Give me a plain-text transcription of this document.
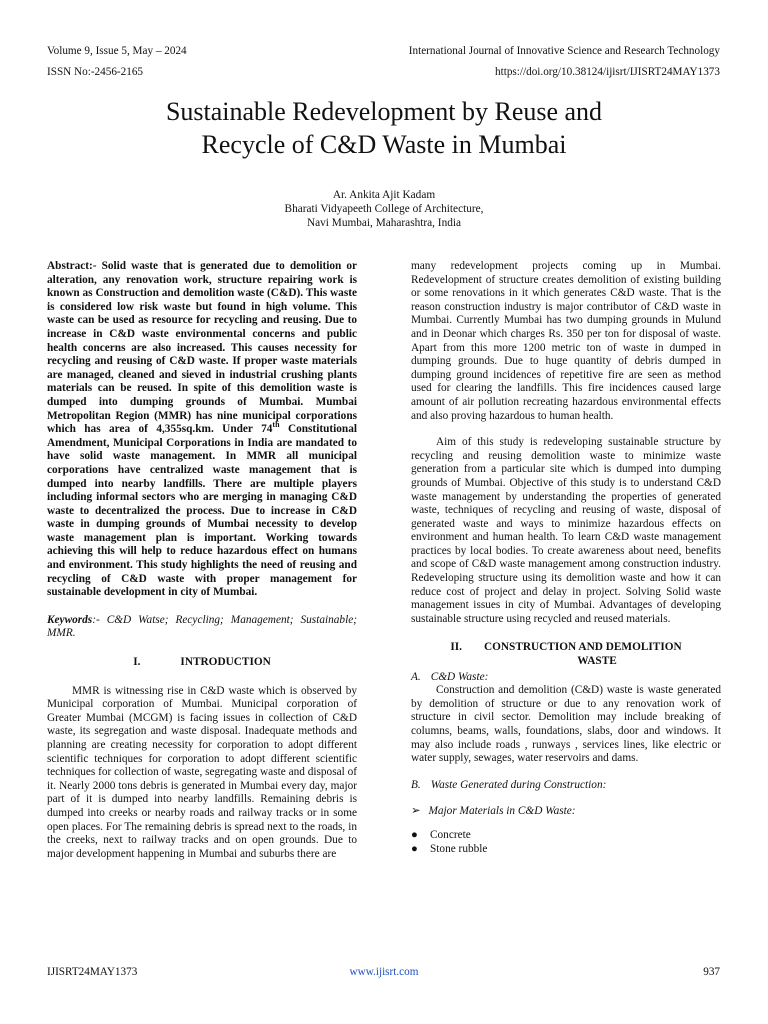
Volume 9, Issue 5, May – 2024
ISSN No:-2456-2165
International Journal of Innovative Science and Research Technology
https://doi.org/10.38124/ijisrt/IJISRT24MAY1373
Sustainable Redevelopment by Reuse and
Recycle of C&D Waste in Mumbai
Ar. Ankita Ajit Kadam
Bharati Vidyapeeth College of Architecture,
Navi Mumbai, Maharashtra, India

Abstract:- Solid waste that is generated due to demolition or alteration, any renovation work, structure repairing work is known as Construction and demolition waste (C&D). This waste is considered low risk waste but found in high volume. This waste can be used as resource for recycling and reusing. Due to increase in C&D waste environmental concerns and public health concerns are also increased. This causes necessity for recycling and reusing of C&D waste. If proper waste materials are managed, cleaned and sieved in industrial crushing plants materials can be reused. In spite of this demolition waste is dumped into dumping grounds of Mumbai. Mumbai Metropolitan Region (MMR) has nine municipal corporations which has area of 4,355sq.km. Under 74th Constitutional Amendment, Municipal Corporations in India are mandated to have solid waste management. In MMR all municipal corporations have centralized waste management that is dumped into nearby landfills. There are multiple players including informal sectors who are merging in managing C&D waste to decentralized the process. Due to increase in C&D waste in dumping grounds of Mumbai necessity to develop waste management plan is important. Working towards achieving this will help to reduce hazardous effect on humans and environment. This study highlights the need of reusing and recycling of C&D waste with proper management for sustainable development in city of Mumbai.

Keywords:- C&D Watse; Recycling; Management; Sustainable; MMR.

I.	INTRODUCTION

MMR is witnessing rise in C&D waste which is observed by Municipal corporation of Mumbai. Municipal corporation of Greater Mumbai (MCGM) is facing issues in collection of C&D waste, its segregation and waste disposal. Inadequate methods and planning are creating necessity for corporation to adopt different scientific techniques for corporation to adopt different scientific techniques for collection of waste, segregating waste and disposal of it. Nearly 2000 tons debris is generated in Mumbai every day, major part of it is dumped into nearby landfills. Remaining debris is dumped into creeks or nearby roads and railway tracks or in some open places. For The remaining debris is spread next to the roads, in the creeks, next to railway tracks and on open grounds. Due to major development happening in Mumbai and suburbs there are

many redevelopment projects coming up in Mumbai. Redevelopment of structure creates demolition of existing building or some renovations in it which generates C&D waste. That is the reason construction industry is major contributor of C&D waste in Mumbai. Currently Mumbai has two dumping grounds in Mulund and in Deonar which charges Rs. 350 per ton for disposal of waste. Apart from this more 1200 metric ton of waste in dumped in dumping grounds. Due to huge quantity of debris dumped in dumping ground incidences of repetitive fire are seen as method used for clearing the landfills. This fire incidences caused large amount of air pollution recreating hazardous environmental effects and also proving hazardous to human health.

Aim of this study is redeveloping sustainable structure by recycling and reusing demolition waste to minimize waste generation from a particular site which is dumped into dumping grounds of Mumbai. Objective of this study is to understand C&D waste management by understanding the properties of generated waste, techniques of recycling and reusing of waste, disposal of generated waste and ways to minimize hazardous effects on environment and human health. To learn C&D waste management practices by local bodies. To create awareness about need, benefits and scope of C&D waste management among construction industry. Redeveloping structure using its demolition waste and how it can reduce cost of project and delay in project. Solving Solid waste management issues in city of Mumbai. Advantages of developing sustainable structure using recycled and reused materials.

II. CONSTRUCTION AND DEMOLITION
WASTE

A. C&D Waste:

Construction and demolition (C&D) waste is waste generated by demolition of structure or due to any renovation work of structure in civil sector. Demolition may include breaking of columns, beams, walls, foundations, slabs, door and windows. It may also include roads , runways , services lines, like electric or water supply, sewages, water reservoirs and dams.

B. Waste Generated during Construction:

➢ Major Materials in C&D Waste:

● Concrete
● Stone rubble
IJISRT24MAY1373	www.ijisrt.com	937
